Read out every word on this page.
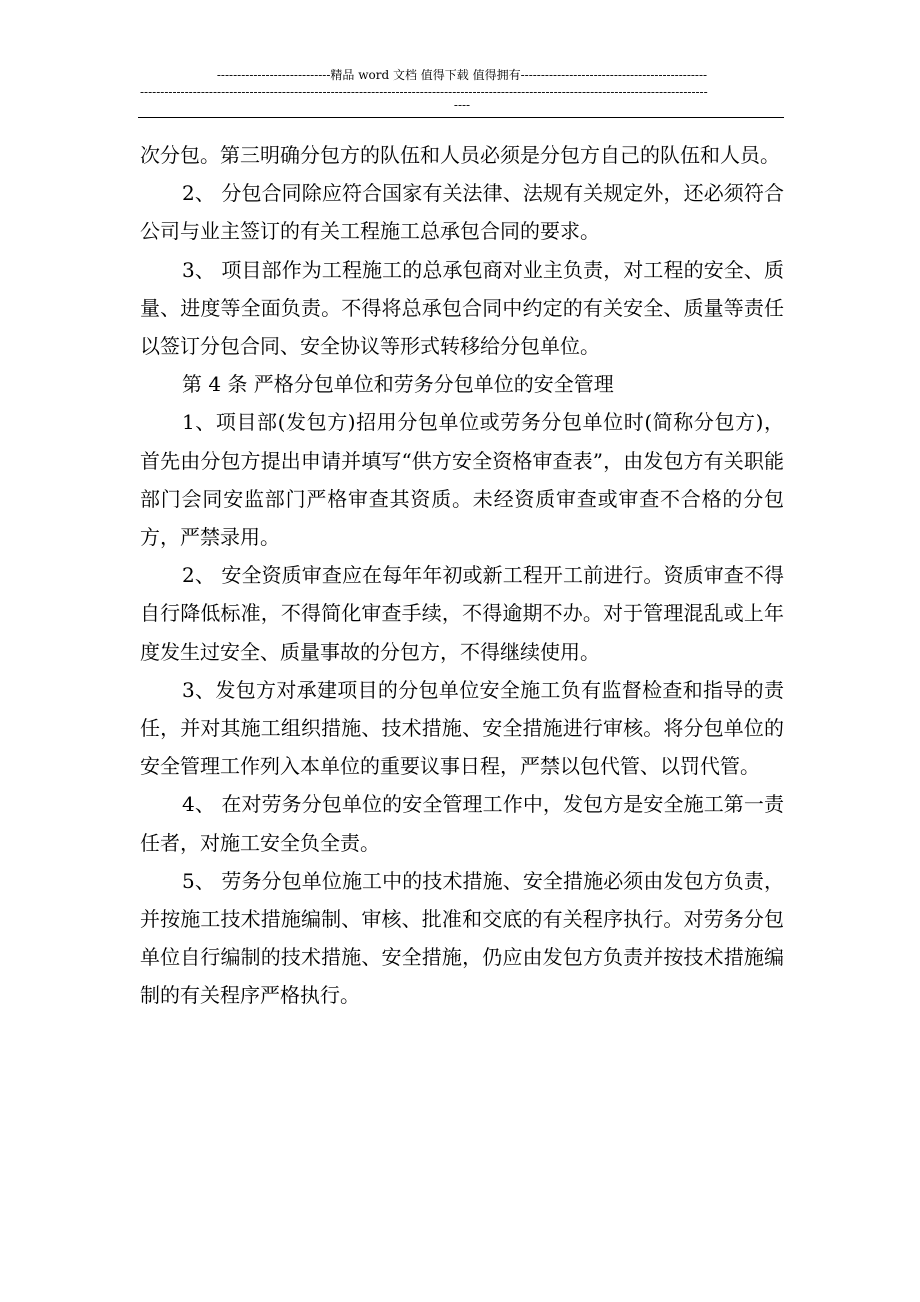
----------------------------精品 word 文档 值得下载 值得拥有----------------------------------------------
--------------------------------------------------------------------------------------------------------------------------------------------
----

次分包。第三明确分包方的队伍和人员必须是分包方自己的队伍和人员。

2、 分包合同除应符合国家有关法律、法规有关规定外，还必须符合公司与业主签订的有关工程施工总承包合同的要求。

3、 项目部作为工程施工的总承包商对业主负责，对工程的安全、质量、进度等全面负责。不得将总承包合同中约定的有关安全、质量等责任以签订分包合同、安全协议等形式转移给分包单位。

第 4 条 严格分包单位和劳务分包单位的安全管理

1、项目部(发包方)招用分包单位或劳务分包单位时(简称分包方)，首先由分包方提出申请并填写“供方安全资格审查表”，由发包方有关职能部门会同安监部门严格审查其资质。未经资质审查或审查不合格的分包方，严禁录用。

2、 安全资质审查应在每年年初或新工程开工前进行。资质审查不得自行降低标准，不得简化审查手续，不得逾期不办。对于管理混乱或上年度发生过安全、质量事故的分包方，不得继续使用。

3、发包方对承建项目的分包单位安全施工负有监督检查和指导的责任，并对其施工组织措施、技术措施、安全措施进行审核。将分包单位的安全管理工作列入本单位的重要议事日程，严禁以包代管、以罚代管。

4、 在对劳务分包单位的安全管理工作中，发包方是安全施工第一责任者，对施工安全负全责。

5、 劳务分包单位施工中的技术措施、安全措施必须由发包方负责，并按施工技术措施编制、审核、批准和交底的有关程序执行。对劳务分包单位自行编制的技术措施、安全措施，仍应由发包方负责并按技术措施编制的有关程序严格执行。
